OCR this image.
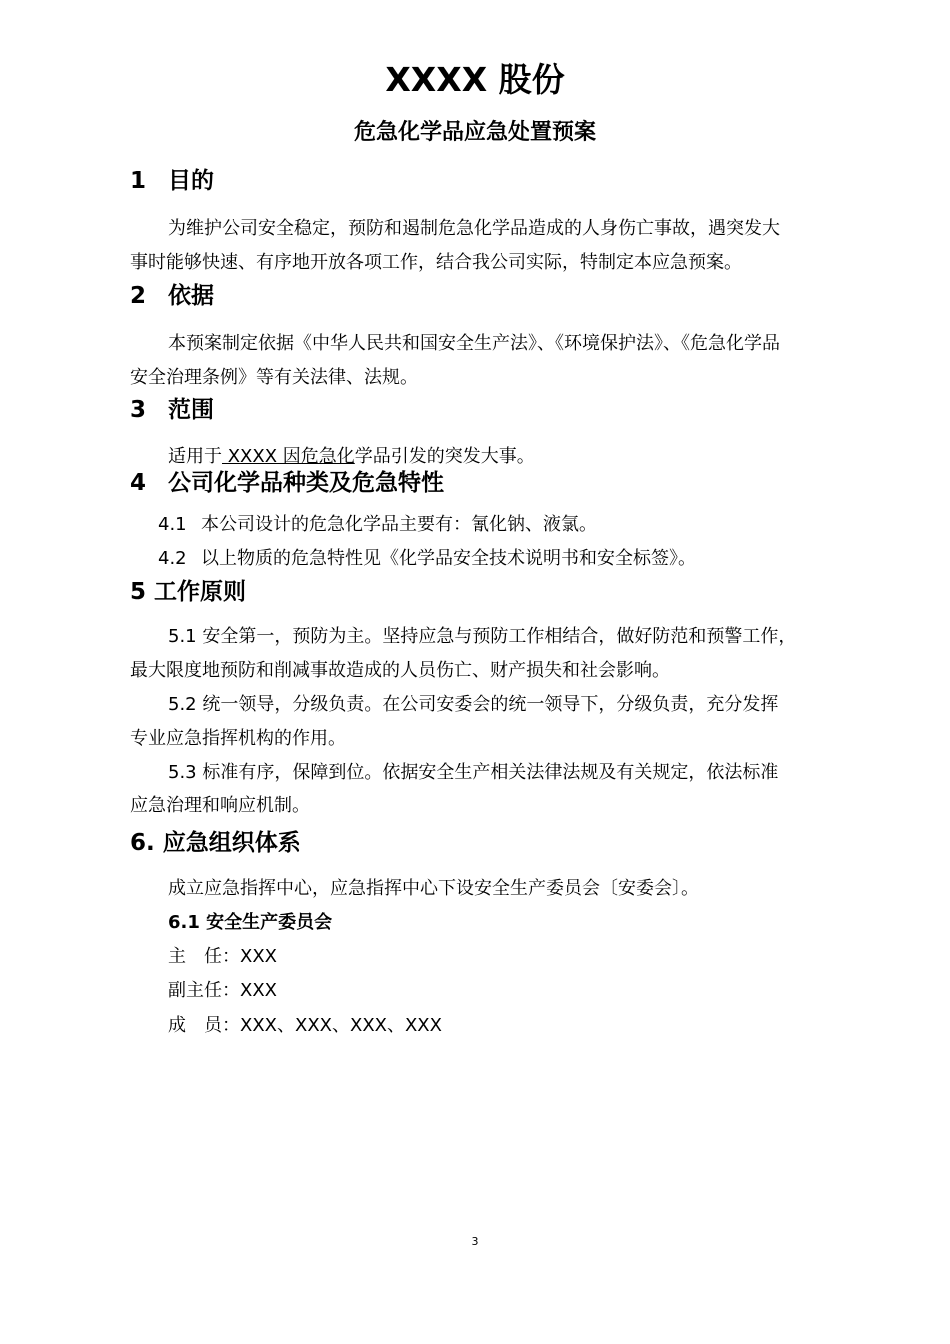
XXXX 股份
危急化学品应急处置预案
1 目的
为维护公司安全稳定，预防和遏制危急化学品造成的人身伤亡事故，遇突发大
事时能够快速、有序地开放各项工作，结合我公司实际，特制定本应急预案。
2 依据
本预案制定依据《中华人民共和国安全生产法》、《环境保护法》、《危急化学品
安全治理条例》等有关法律、法规。
3 范围
适用于 XXXX 因危急化学品引发的突发大事。
4 公司化学品种类及危急特性
4.1 本公司设计的危急化学品主要有：氰化钠、液氯。
4.2 以上物质的危急特性见《化学品安全技术说明书和安全标签》。
5 工作原则
5.1 安全第一，预防为主。坚持应急与预防工作相结合，做好防范和预警工作，
最大限度地预防和削减事故造成的人员伤亡、财产损失和社会影响。
5.2 统一领导，分级负责。在公司安委会的统一领导下，分级负责，充分发挥
专业应急指挥机构的作用。
5.3 标准有序，保障到位。依据安全生产相关法律法规及有关规定，依法标准
应急治理和响应机制。
6. 应急组织体系
成立应急指挥中心，应急指挥中心下设安全生产委员会〔安委会〕。
6.1 安全生产委员会
主　任：XXX
副主任：XXX
成　员：XXX、XXX、XXX、XXX
3
